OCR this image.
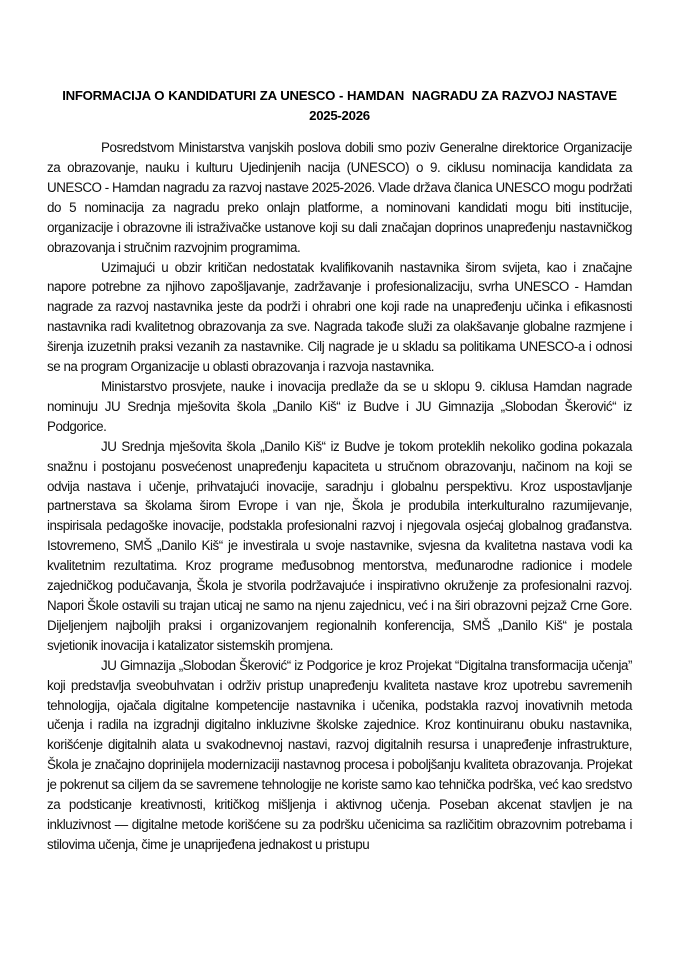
INFORMACIJA O KANDIDATURI ZA UNESCO - HAMDAN  NAGRADU ZA RAZVOJ NASTAVE 2025-2026

Posredstvom Ministarstva vanjskih poslova dobili smo poziv Generalne direktorice Organizacije za obrazovanje, nauku i kulturu Ujedinjenih nacija (UNESCO) o 9. ciklusu nominacija kandidata za UNESCO - Hamdan nagradu za razvoj nastave 2025-2026. Vlade država članica UNESCO mogu podržati do 5 nominacija za nagradu preko onlajn platforme, a nominovani kandidati mogu biti institucije, organizacije i obrazovne ili istraživačke ustanove koji su dali značajan doprinos unapređenju nastavničkog obrazovanja i stručnim razvojnim programima.

Uzimajući u obzir kritičan nedostatak kvalifikovanih nastavnika širom svijeta, kao i značajne napore potrebne za njihovo zapošljavanje, zadržavanje i profesionalizaciju, svrha UNESCO - Hamdan nagrade za razvoj nastavnika jeste da podrži i ohrabri one koji rade na unapređenju učinka i efikasnosti nastavnika radi kvalitetnog obrazovanja za sve. Nagrada takođe služi za olakšavanje globalne razmjene i širenja izuzetnih praksi vezanih za nastavnike. Cilj nagrade je u skladu sa politikama UNESCO-a i odnosi se na program Organizacije u oblasti obrazovanja i razvoja nastavnika.

Ministarstvo prosvjete, nauke i inovacija predlaže da se u sklopu 9. ciklusa Hamdan nagrade nominuju JU Srednja mješovita škola „Danilo Kiš“ iz Budve i JU Gimnazija „Slobodan Škerović“ iz Podgorice.

JU Srednja mješovita škola „Danilo Kiš“ iz Budve je tokom proteklih nekoliko godina pokazala snažnu i postojanu posvećenost unapređenju kapaciteta u stručnom obrazovanju, načinom na koji se odvija nastava i učenje, prihvatajući inovacije, saradnju i globalnu perspektivu. Kroz uspostavljanje partnerstava sa školama širom Evrope i van nje, Škola je produbila interkulturalno razumijevanje, inspirisala pedagoške inovacije, podstakla profesionalni razvoj i njegovala osjećaj globalnog građanstva. Istovremeno, SMŠ „Danilo Kiš“ je investirala u svoje nastavnike, svjesna da kvalitetna nastava vodi ka kvalitetnim rezultatima. Kroz programe međusobnog mentorstva, međunarodne radionice i modele zajedničkog podučavanja, Škola je stvorila podržavajuće i inspirativno okruženje za profesionalni razvoj. Napori Škole ostavili su trajan uticaj ne samo na njenu zajednicu, već i na širi obrazovni pejzaž Crne Gore. Dijeljenjem najboljih praksi i organizovanjem regionalnih konferencija, SMŠ „Danilo Kiš“ je postala svjetionik inovacija i katalizator sistemskih promjena.

JU Gimnazija „Slobodan Škerović“ iz Podgorice je kroz Projekat “Digitalna transformacija učenja” koji predstavlja sveobuhvatan i održiv pristup unapređenju kvaliteta nastave kroz upotrebu savremenih tehnologija, ojačala digitalne kompetencije nastavnika i učenika, podstakla razvoj inovativnih metoda učenja i radila na izgradnji digitalno inkluzivne školske zajednice. Kroz kontinuiranu obuku nastavnika, korišćenje digitalnih alata u svakodnevnoj nastavi, razvoj digitalnih resursa i unapređenje infrastrukture, Škola je značajno doprinijela modernizaciji nastavnog procesa i poboljšanju kvaliteta obrazovanja. Projekat je pokrenut sa ciljem da se savremene tehnologije ne koriste samo kao tehnička podrška, već kao sredstvo za podsticanje kreativnosti, kritičkog mišljenja i aktivnog učenja. Poseban akcenat stavljen je na inkluzivnost — digitalne metode korišćene su za podršku učenicima sa različitim obrazovnim potrebama i stilovima učenja, čime je unaprijeđena jednakost u pristupu
